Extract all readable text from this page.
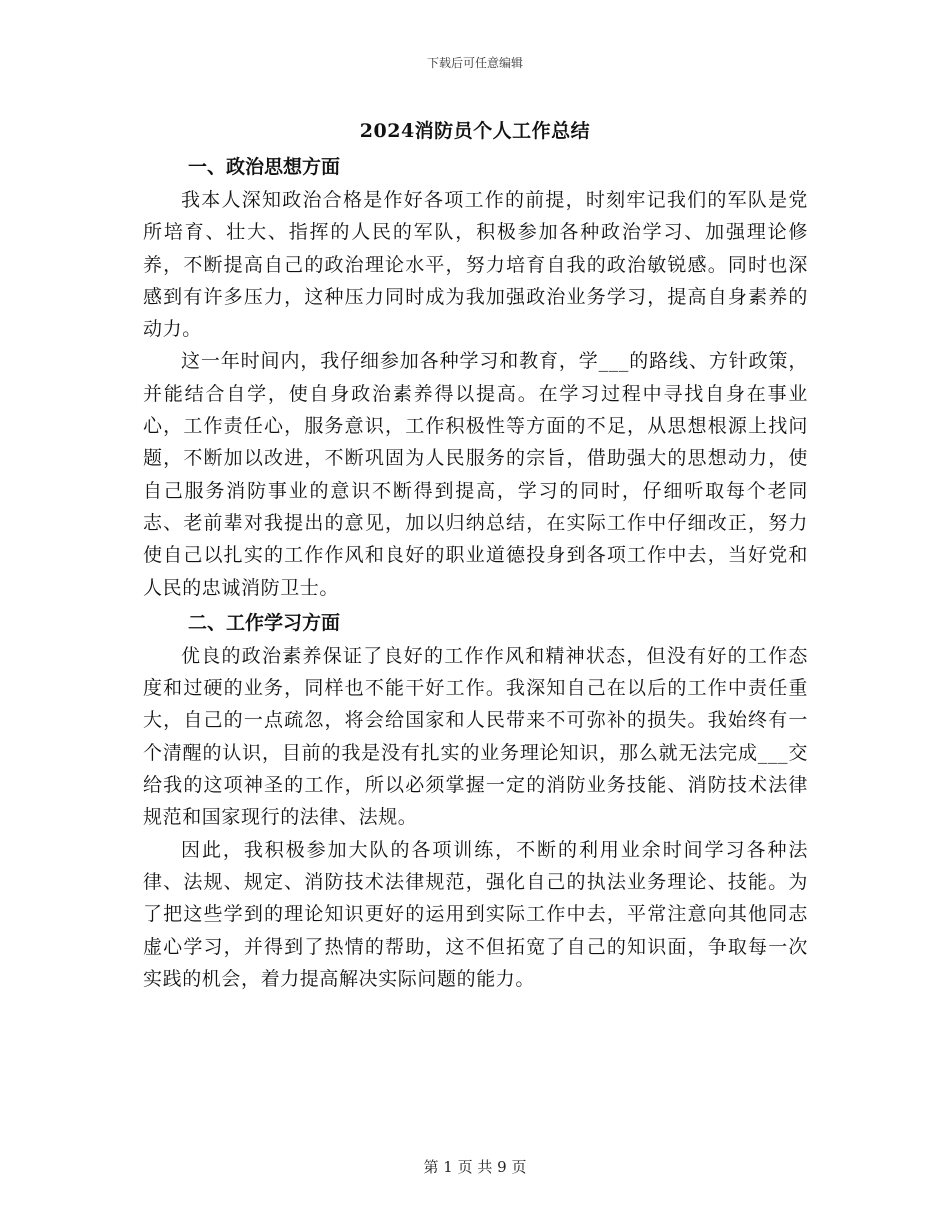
下载后可任意编辑
2024消防员个人工作总结
一、政治思想方面

我本人深知政治合格是作好各项工作的前提，时刻牢记我们的军队是党所培育、壮大、指挥的人民的军队，积极参加各种政治学习、加强理论修养，不断提高自己的政治理论水平，努力培育自我的政治敏锐感。同时也深感到有许多压力，这种压力同时成为我加强政治业务学习，提高自身素养的动力。

这一年时间内，我仔细参加各种学习和教育，学___的路线、方针政策，并能结合自学，使自身政治素养得以提高。在学习过程中寻找自身在事业心，工作责任心，服务意识，工作积极性等方面的不足，从思想根源上找问题，不断加以改进，不断巩固为人民服务的宗旨，借助强大的思想动力，使自己服务消防事业的意识不断得到提高，学习的同时，仔细听取每个老同志、老前辈对我提出的意见，加以归纳总结，在实际工作中仔细改正，努力使自己以扎实的工作作风和良好的职业道德投身到各项工作中去，当好党和人民的忠诚消防卫士。

二、工作学习方面

优良的政治素养保证了良好的工作作风和精神状态，但没有好的工作态度和过硬的业务，同样也不能干好工作。我深知自己在以后的工作中责任重大，自己的一点疏忽，将会给国家和人民带来不可弥补的损失。我始终有一个清醒的认识，目前的我是没有扎实的业务理论知识，那么就无法完成___交给我的这项神圣的工作，所以必须掌握一定的消防业务技能、消防技术法律规范和国家现行的法律、法规。

因此，我积极参加大队的各项训练，不断的利用业余时间学习各种法律、法规、规定、消防技术法律规范，强化自己的执法业务理论、技能。为了把这些学到的理论知识更好的运用到实际工作中去，平常注意向其他同志虚心学习，并得到了热情的帮助，这不但拓宽了自己的知识面，争取每一次实践的机会，着力提高解决实际问题的能力。

第 1 页 共 9 页
